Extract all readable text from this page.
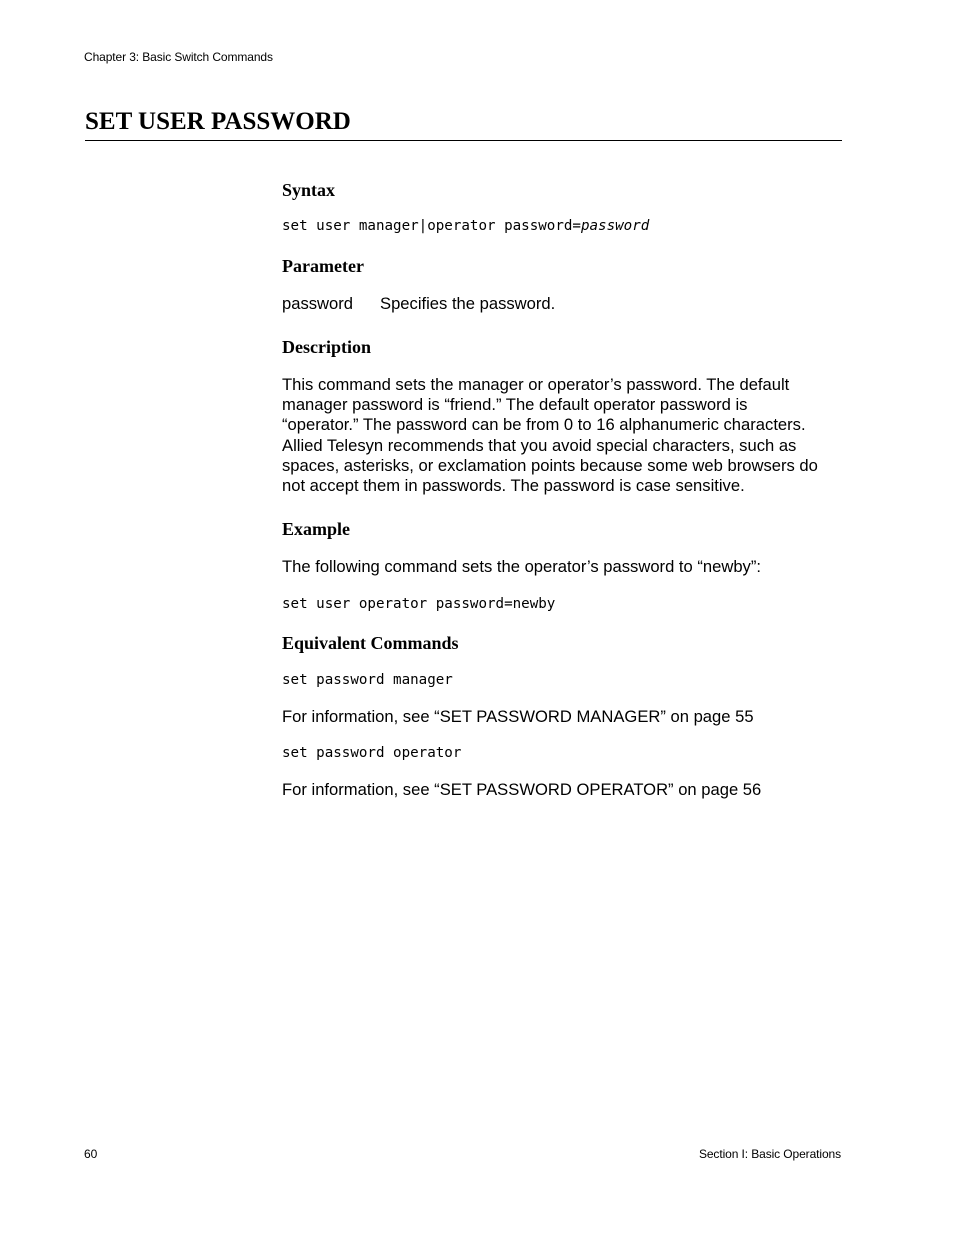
Chapter 3: Basic Switch Commands
SET USER PASSWORD
Syntax
set user manager|operator password=password
Parameter
password Specifies the password.
Description
This command sets the manager or operator’s password. The default
manager password is “friend.” The default operator password is
“operator.” The password can be from 0 to 16 alphanumeric characters.
Allied Telesyn recommends that you avoid special characters, such as
spaces, asterisks, or exclamation points because some web browsers do
not accept them in passwords. The password is case sensitive.
Example
The following command sets the operator’s password to “newby”:
set user operator password=newby
Equivalent Commands
set password manager
For information, see “SET PASSWORD MANAGER” on page 55
set password operator
For information, see “SET PASSWORD OPERATOR” on page 56
60	Section I: Basic Operations
